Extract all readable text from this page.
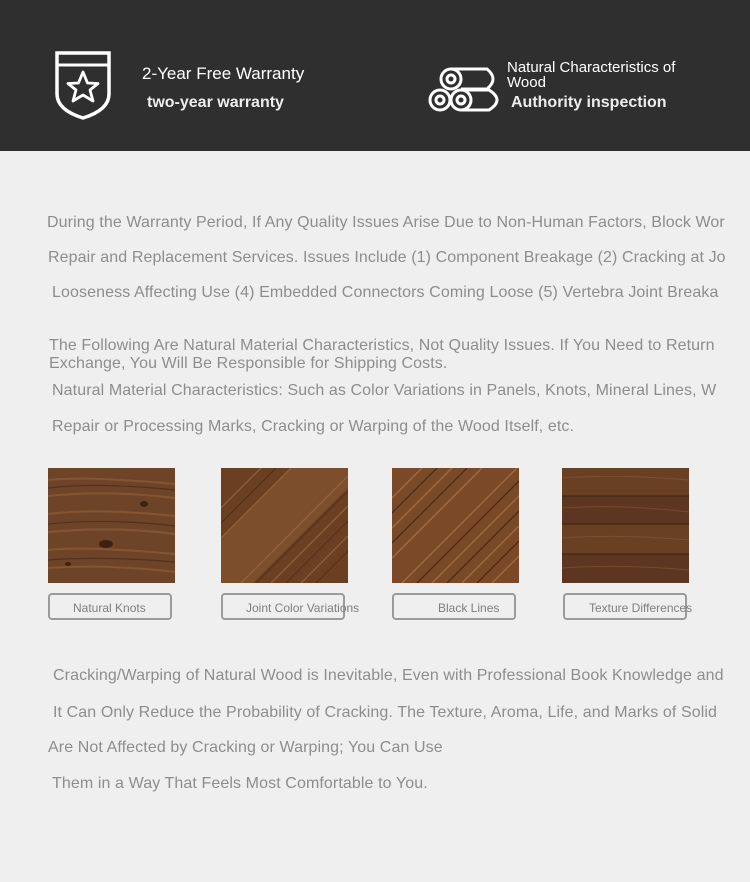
2-Year Free Warranty
two-year warranty
Natural Characteristics of Wood
Authority inspection
During the Warranty Period, If Any Quality Issues Arise Due to Non-Human Factors, Block Wor
Repair and Replacement Services. Issues Include (1) Component Breakage (2) Cracking at Jo
Looseness Affecting Use (4) Embedded Connectors Coming Loose (5) Vertebra Joint Breaka
The Following Are Natural Material Characteristics, Not Quality Issues. If You Need to Return
Exchange, You Will Be Responsible for Shipping Costs.
Natural Material Characteristics: Such as Color Variations in Panels, Knots, Mineral Lines, W
Repair or Processing Marks, Cracking or Warping of the Wood Itself, etc.
Natural Knots	Joint Color Variations	Black Lines	Texture Differences
Cracking/Warping of Natural Wood is Inevitable, Even with Professional Book Knowledge and
It Can Only Reduce the Probability of Cracking. The Texture, Aroma, Life, and Marks of Solid
Are Not Affected by Cracking or Warping; You Can Use
Them in a Way That Feels Most Comfortable to You.
